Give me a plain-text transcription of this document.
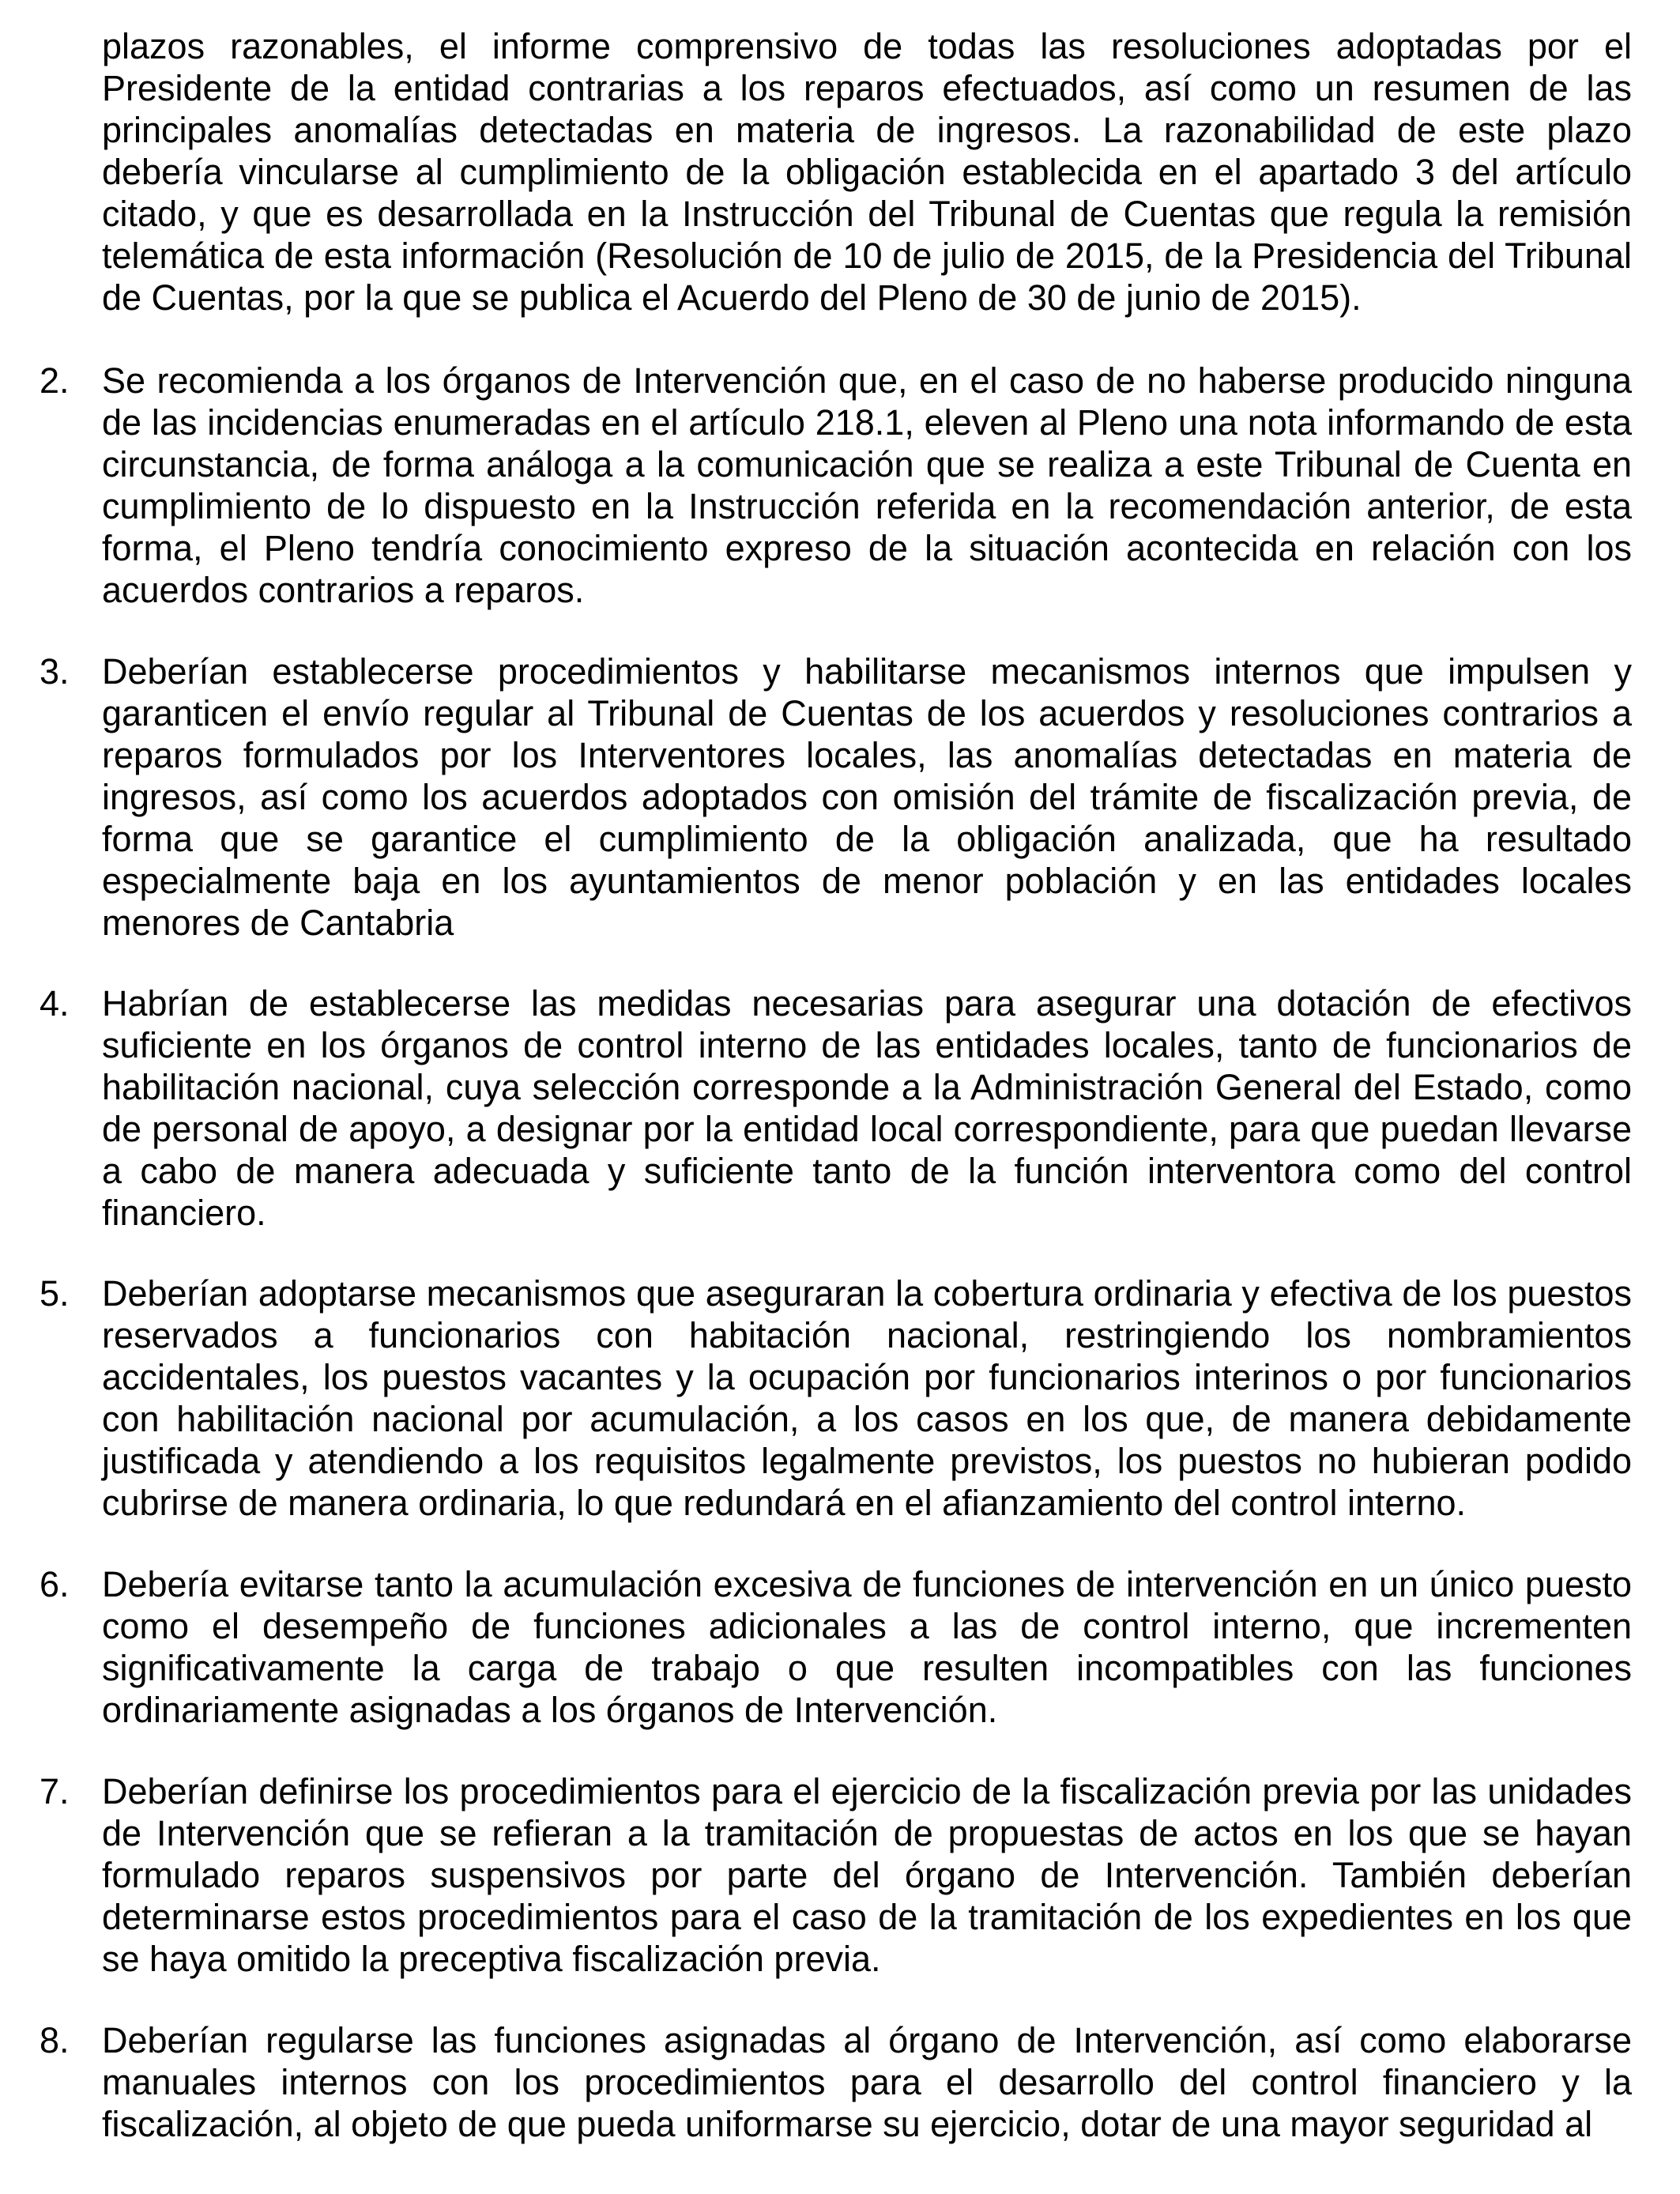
plazos razonables, el informe comprensivo de todas las resoluciones adoptadas por el Presidente de la entidad contrarias a los reparos efectuados, así como un resumen de las principales anomalías detectadas en materia de ingresos. La razonabilidad de este plazo debería vincularse al cumplimiento de la obligación establecida en el apartado 3 del artículo citado, y que es desarrollada en la Instrucción del Tribunal de Cuentas que regula la remisión telemática de esta información (Resolución de 10 de julio de 2015, de la Presidencia del Tribunal de Cuentas, por la que se publica el Acuerdo del Pleno de 30 de junio de 2015).

2. Se recomienda a los órganos de Intervención que, en el caso de no haberse producido ninguna de las incidencias enumeradas en el artículo 218.1, eleven al Pleno una nota informando de esta circunstancia, de forma análoga a la comunicación que se realiza a este Tribunal de Cuenta en cumplimiento de lo dispuesto en la Instrucción referida en la recomendación anterior, de esta forma, el Pleno tendría conocimiento expreso de la situación acontecida en relación con los acuerdos contrarios a reparos.

3. Deberían establecerse procedimientos y habilitarse mecanismos internos que impulsen y garanticen el envío regular al Tribunal de Cuentas de los acuerdos y resoluciones contrarios a reparos formulados por los Interventores locales, las anomalías detectadas en materia de ingresos, así como los acuerdos adoptados con omisión del trámite de fiscalización previa, de forma que se garantice el cumplimiento de la obligación analizada, que ha resultado especialmente baja en los ayuntamientos de menor población y en las entidades locales menores de Cantabria

4. Habrían de establecerse las medidas necesarias para asegurar una dotación de efectivos suficiente en los órganos de control interno de las entidades locales, tanto de funcionarios de habilitación nacional, cuya selección corresponde a la Administración General del Estado, como de personal de apoyo, a designar por la entidad local correspondiente, para que puedan llevarse a cabo de manera adecuada y suficiente tanto de la función interventora como del control financiero.

5. Deberían adoptarse mecanismos que aseguraran la cobertura ordinaria y efectiva de los puestos reservados a funcionarios con habitación nacional, restringiendo los nombramientos accidentales, los puestos vacantes y la ocupación por funcionarios interinos o por funcionarios con habilitación nacional por acumulación, a los casos en los que, de manera debidamente justificada y atendiendo a los requisitos legalmente previstos, los puestos no hubieran podido cubrirse de manera ordinaria, lo que redundará en el afianzamiento del control interno.

6. Debería evitarse tanto la acumulación excesiva de funciones de intervención en un único puesto como el desempeño de funciones adicionales a las de control interno, que incrementen significativamente la carga de trabajo o que resulten incompatibles con las funciones ordinariamente asignadas a los órganos de Intervención.

7. Deberían definirse los procedimientos para el ejercicio de la fiscalización previa por las unidades de Intervención que se refieran a la tramitación de propuestas de actos en los que se hayan formulado reparos suspensivos por parte del órgano de Intervención. También deberían determinarse estos procedimientos para el caso de la tramitación de los expedientes en los que se haya omitido la preceptiva fiscalización previa.

8. Deberían regularse las funciones asignadas al órgano de Intervención, así como elaborarse manuales internos con los procedimientos para el desarrollo del control financiero y la fiscalización, al objeto de que pueda uniformarse su ejercicio, dotar de una mayor seguridad al
